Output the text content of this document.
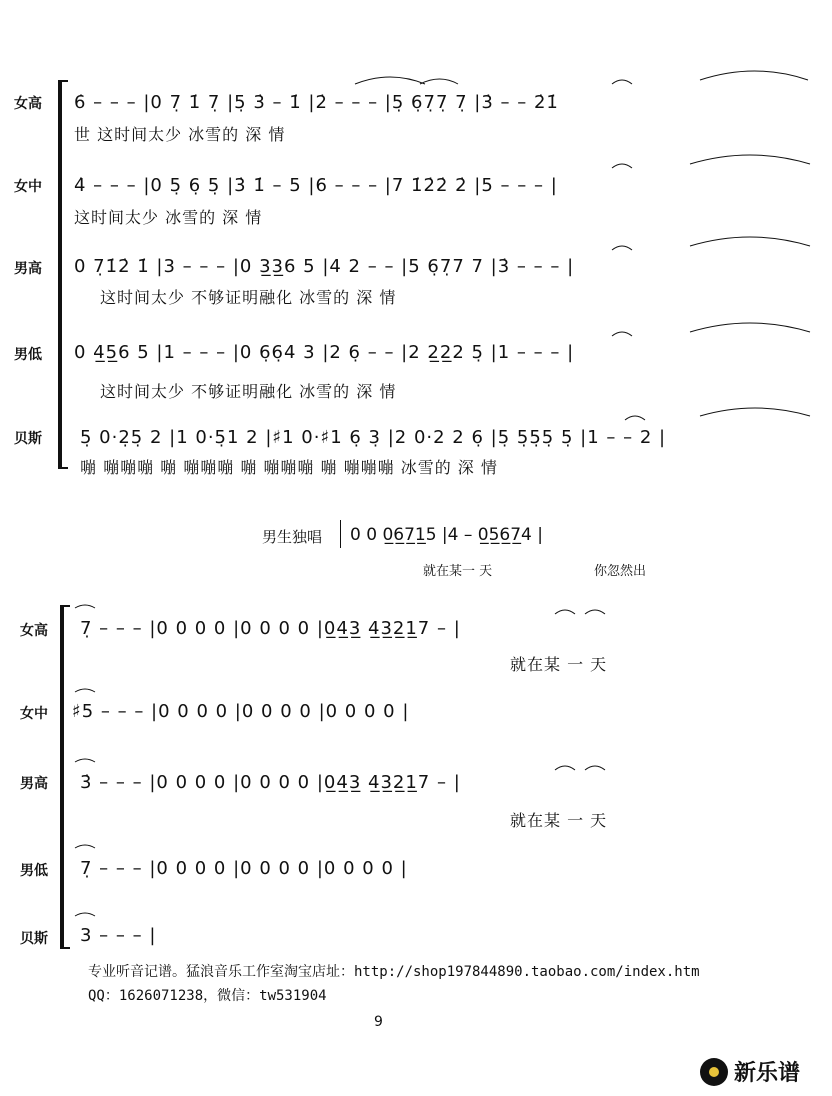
女高
女中
男高
男低
贝斯
6̇ – – – |0 7̣ 1̇ 7̣ |5̣ 3̇ – 1̇ |2̇ – – – |5̣ 6̣7̣7̣ 7̣ |3̇ – – 2̇1̇
世 这时间太少 冰雪的 深 情
4̇ – – – |0 5̣ 6̣ 5̣ |3̇ 1̇ – 5 |6 – – – |7 1̇2̇2̇ 2̇ |5 – – – |
这时间太少 冰雪的 深 情
0 7̣1̇2̇ 1̇ |3 – – – |0 3̲3̲6 5 |4 2 – – |5 6̣7̣7 7 |3̇ – – – |
这时间太少 不够证明融化 冰雪的 深 情
0 4̲5̲6 5 |1 – – – |0 6̣6̣4 3 |2 6̣ – – |2 2̲2̲2 5̣ |1 – – – |
这时间太少 不够证明融化 冰雪的 深 情
5̣ 0·2̣5̣ 2 |1 0·5̣1 2 |♯1 0·♯1 6̣ 3̣ |2 0·2 2 6̣ |5̣ 5̣5̣5̣ 5̣ |1 – – 2 |
嘣 嘣嘣嘣 嘣 嘣嘣嘣 嘣 嘣嘣嘣 嘣 嘣嘣嘣 冰雪的 深 情
男生独唱 0 0 0̲6̲7̲1̲5 |4 – 0̲5̲6̲7̲4 |
就在某一 天	你忽然出
女高
女中
男高
男低
贝斯
7̣ – – – |0 0 0 0 |0 0 0 0 |0̲4̲3̲ 4̲3̲2̲1̲7 – |
就在某 一 天
♯5 – – – |0 0 0 0 |0 0 0 0 |0 0 0 0 |
3̇ – – – |0 0 0 0 |0 0 0 0 |0̲4̲3̲ 4̲3̲2̲1̲7 – |
就在某 一 天
7̣ – – – |0 0 0 0 |0 0 0 0 |0 0 0 0 |
3 – – – |
专业听音记谱。猛浪音乐工作室淘宝店址：http://shop197844890.taobao.com/index.htm
QQ：1626071238，微信：tw531904
9
新乐谱
